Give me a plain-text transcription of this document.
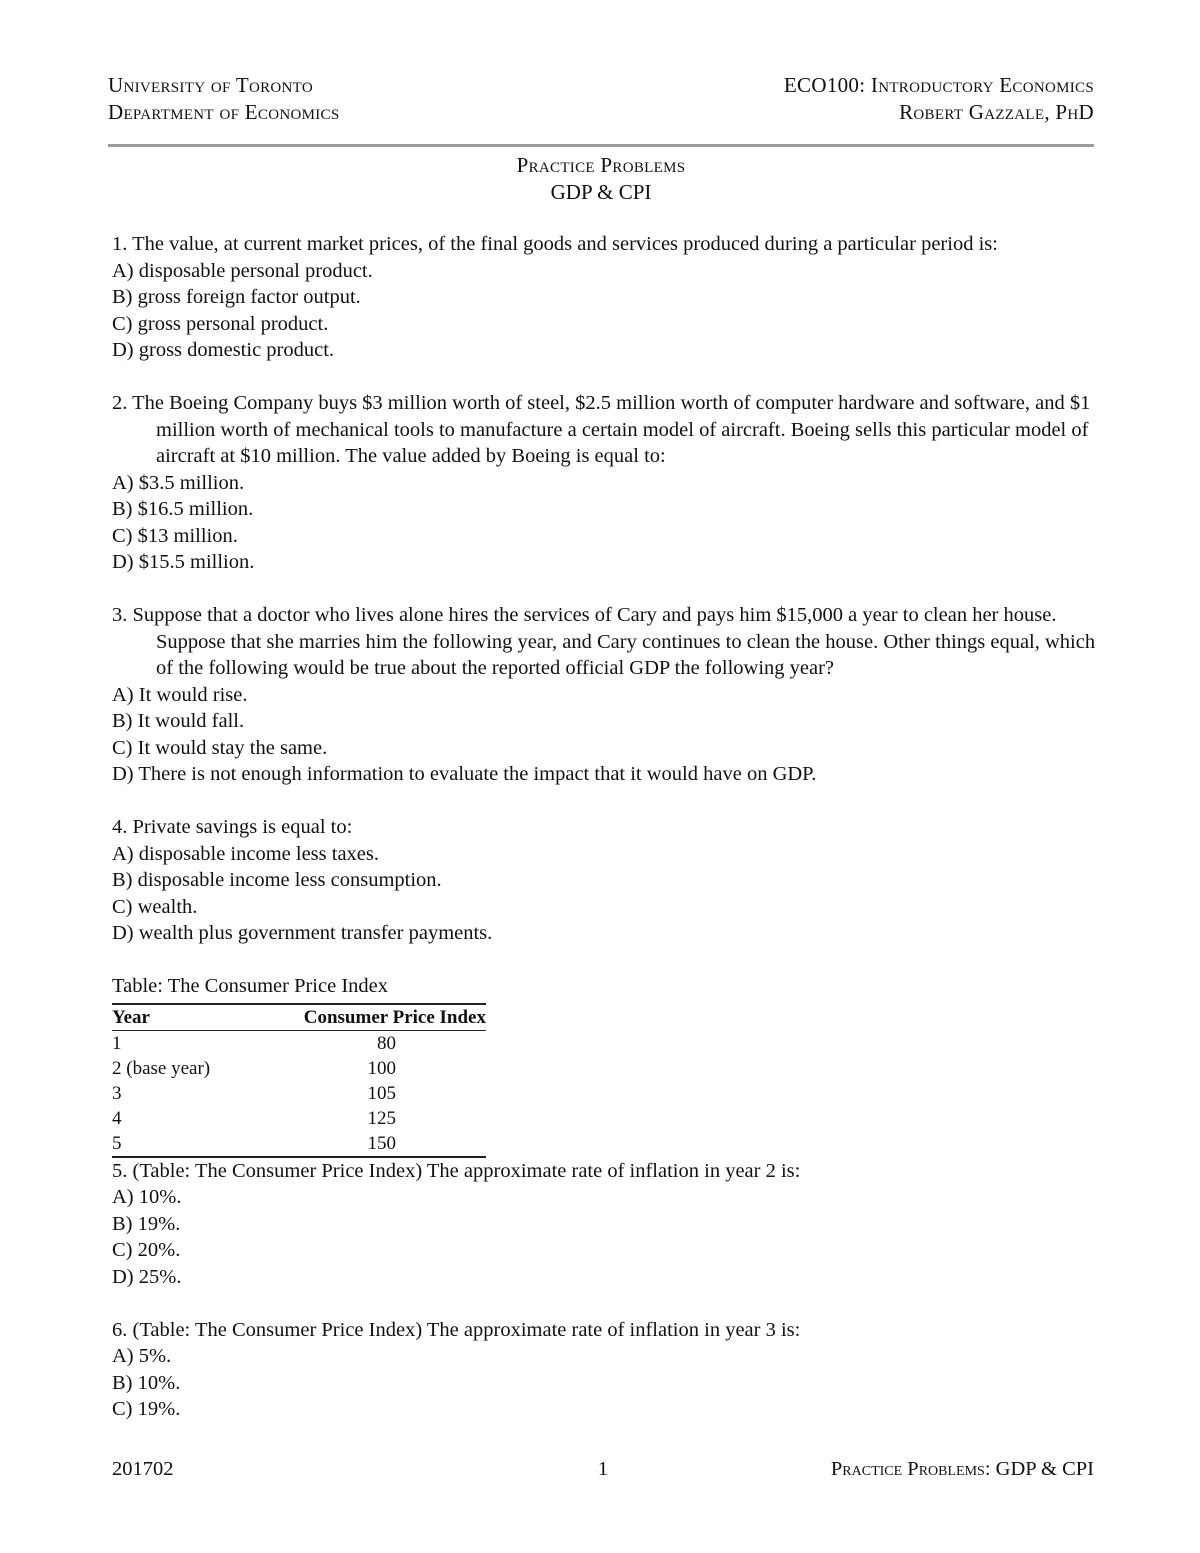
University of Toronto
Department of Economics
ECO100: Introductory Economics
Robert Gazzale, PhD
Practice Problems
GDP & CPI

1. The value, at current market prices, of the final goods and services produced during a particular period is:

A) disposable personal product.

B) gross foreign factor output.

C) gross personal product.

D) gross domestic product.

2. The Boeing Company buys $3 million worth of steel, $2.5 million worth of computer hardware and software, and $1 million worth of mechanical tools to manufacture a certain model of aircraft. Boeing sells this particular model of aircraft at $10 million. The value added by Boeing is equal to:

A) $3.5 million.

B) $16.5 million.

C) $13 million.

D) $15.5 million.

3. Suppose that a doctor who lives alone hires the services of Cary and pays him $15,000 a year to clean her house. Suppose that she marries him the following year, and Cary continues to clean the house. Other things equal, which of the following would be true about the reported official GDP the following year?

A) It would rise.

B) It would fall.

C) It would stay the same.

D) There is not enough information to evaluate the impact that it would have on GDP.

4. Private savings is equal to:

A) disposable income less taxes.

B) disposable income less consumption.

C) wealth.

D) wealth plus government transfer payments.

Table: The Consumer Price Index

Year	Consumer Price Index
1	80
2 (base year)	100
3	105
4	125
5	150

5. (Table: The Consumer Price Index) The approximate rate of inflation in year 2 is:

A) 10%.

B) 19%.

C) 20%.

D) 25%.

6. (Table: The Consumer Price Index) The approximate rate of inflation in year 3 is:

A) 5%.

B) 10%.

C) 19%.

201702	1	Practice Problems: GDP & CPI
